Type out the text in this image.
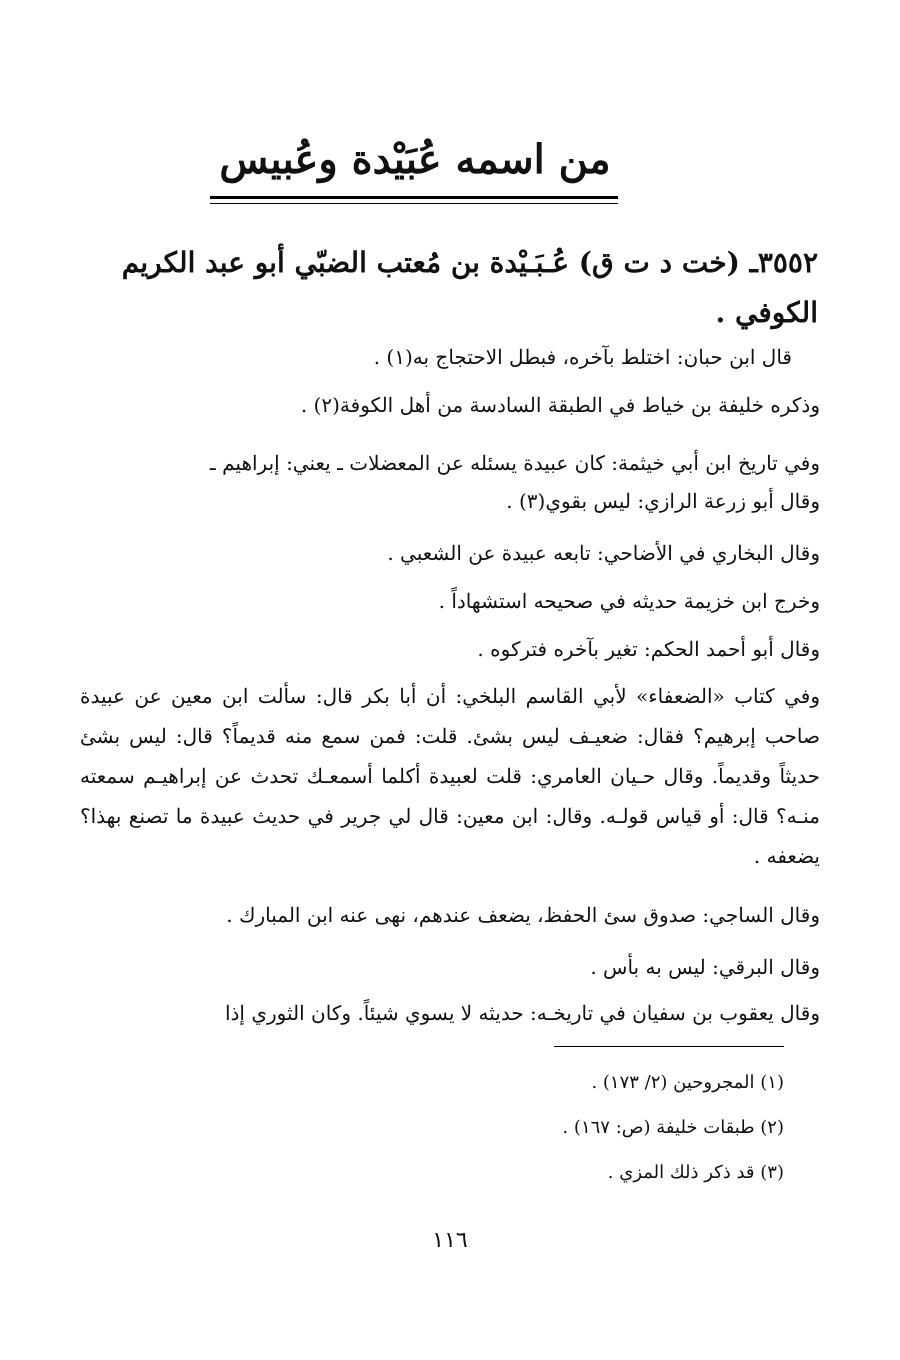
من اسمه عُبَيْدة وعُبيس
٣٥٥٢ـ (خت د ت ق) عُـبَـيْدة بن مُعتب الضبّي أبو عبد الكريم الكوفي .
قال ابن حبان: اختلط بآخره، فبطل الاحتجاج به(١) .
وذكره خليفة بن خياط في الطبقة السادسة من أهل الكوفة(٢) .
وفي تاريخ ابن أبي خيثمة: كان عبيدة يسئله عن المعضلات ـ يعني: إبراهيم ـ
وقال أبو زرعة الرازي: ليس بقوي(٣) .
وقال البخاري في الأضاحي: تابعه عبيدة عن الشعبي .
وخرج ابن خزيمة حديثه في صحيحه استشهاداً .
وقال أبو أحمد الحكم: تغير بآخره فتركوه .
وفي كتاب «الضعفاء» لأبي القاسم البلخي: أن أبا بكر قال: سألت ابن معين عن عبيدة صاحب إبرهيم؟ فقال: ضعيـف ليس بشئ. قلت: فمن سمع منه قديماً؟ قال: ليس بشئ حديثاً وقديماً. وقال حـيان العامري: قلت لعبيدة أكلما أسمعـك تحدث عن إبراهيـم سمعته منـه؟ قال: أو قياس قولـه. وقال: ابن معين: قال لي جرير في حديث عبيدة ما تصنع بهذا؟ يضعفه .
وقال الساجي: صدوق سئ الحفظ، يضعف عندهم، نهى عنه ابن المبارك .
وقال البرقي: ليس به بأس .
وقال يعقوب بن سفيان في تاريخـه: حديثه لا يسوي شيئاً. وكان الثوري إذا
(١) المجروحين (٢/ ١٧٣) .
(٢) طبقات خليفة (ص: ١٦٧) .
(٣) قد ذكر ذلك المزي .
١١٦
